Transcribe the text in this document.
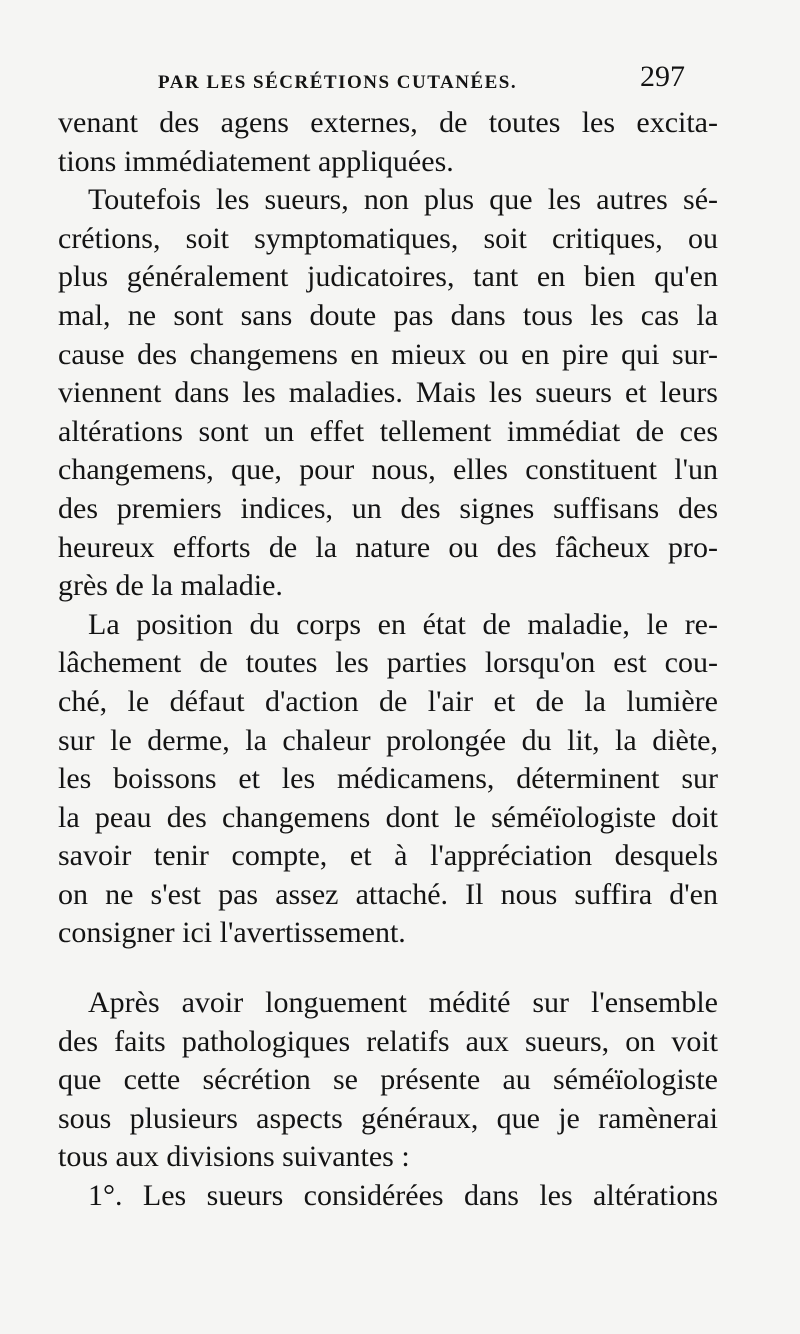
PAR LES SÉCRÉTIONS CUTANÉES.	297
venant des agens externes, de toutes les excita-
tions immédiatement appliquées.
Toutefois les sueurs, non plus que les autres sé-
crétions, soit symptomatiques, soit critiques, ou
plus généralement judicatoires, tant en bien qu'en
mal, ne sont sans doute pas dans tous les cas la
cause des changemens en mieux ou en pire qui sur-
viennent dans les maladies. Mais les sueurs et leurs
altérations sont un effet tellement immédiat de ces
changemens, que, pour nous, elles constituent l'un
des premiers indices, un des signes suffisans des
heureux efforts de la nature ou des fâcheux pro-
grès de la maladie.
La position du corps en état de maladie, le re-
lâchement de toutes les parties lorsqu'on est cou-
ché, le défaut d'action de l'air et de la lumière
sur le derme, la chaleur prolongée du lit, la diète,
les boissons et les médicamens, déterminent sur
la peau des changemens dont le séméïologiste doit
savoir tenir compte, et à l'appréciation desquels
on ne s'est pas assez attaché. Il nous suffira d'en
consigner ici l'avertissement.
Après avoir longuement médité sur l'ensemble
des faits pathologiques relatifs aux sueurs, on voit
que cette sécrétion se présente au séméïologiste
sous plusieurs aspects généraux, que je ramènerai
tous aux divisions suivantes :
1°. Les sueurs considérées dans les altérations
